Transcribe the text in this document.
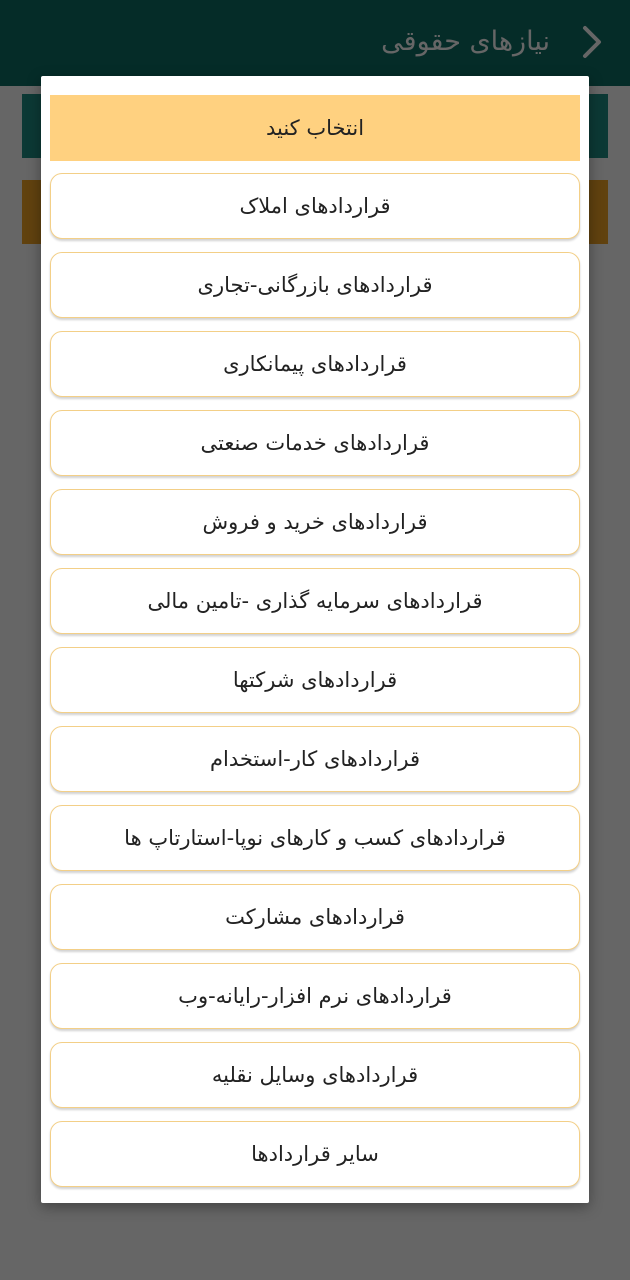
انتخاب کنید
قراردادهای املاک
قراردادهای بازرگانی-تجاری
قراردادهای پیمانکاری
قراردادهای خدمات صنعتی
قراردادهای خرید و فروش
قراردادهای سرمایه گذاری -تامین مالی
قراردادهای شرکتها
قراردادهای کار-استخدام
قراردادهای کسب و کارهای نوپا-استارتاپ ها
قراردادهای مشارکت
قراردادهای نرم افزار-رایانه-وب
قراردادهای وسایل نقلیه
سایر قراردادها
